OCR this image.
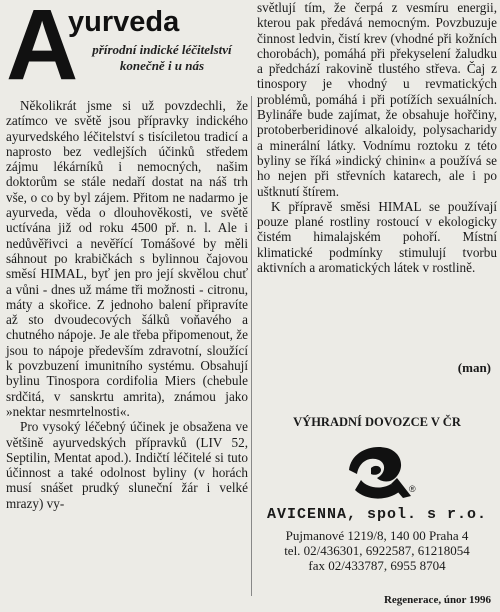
A
yurveda
přírodní indické léčitelství konečně i u nás

Několikrát jsme si už povzdechli, že zatímco ve světě jsou přípravky indického ayurvedského léčitelství s tisíciletou tradicí a naprosto bez vedlejších účinků středem zájmu lékárníků i nemocných, našim doktorům se stále nedaří dostat na náš trh vše, o co by byl zájem. Přitom ne nadarmo je ayurveda, věda o dlouhověkosti, ve světě uctívána již od roku 4500 př. n. l. Ale i nedůvěřivci a nevěřící Tomášové by měli sáhnout po krabičkách s bylinnou čajovou směsí HIMAL, byť jen pro její skvělou chuť a vůni - dnes už máme tři možnosti - citronu, máty a skořice. Z jednoho balení připravíte až sto dvoudecových šálků voňavého a chutného nápoje. Je ale třeba připomenout, že jsou to nápoje především zdravotní, sloužící k povzbuzení imunitního systému. Obsahují bylinu Tinospora cordifolia Miers (chebule srdčitá, v sanskrtu amrita), známou jako »nektar nesmrtelnosti«.

Pro vysoký léčebný účinek je obsažena ve většině ayurvedských přípravků (LIV 52, Septilin, Mentat apod.). Indičtí léčitelé si tuto účinnost a také odolnost byliny (v horách musí snášet prudký sluneční žár i velké mrazy) vy-

světlují tím, že čerpá z vesmíru energii, kterou pak předává nemocným. Povzbuzuje činnost ledvin, čistí krev (vhodné při kožních chorobách), pomáhá při překyselení žaludku a předchází rakovině tlustého střeva. Čaj z tinospory je vhodný u revmatických problémů, pomáhá i při potížích sexuálních. Bylináře bude zajímat, že obsahuje hořčiny, protoberberidinové alkaloidy, polysacharidy a minerální látky. Vodnímu roztoku z této byliny se říká »indický chinin« a používá se ho nejen při střevních katarech, ale i po uštknutí štírem.

K přípravě směsi HIMAL se používají pouze plané rostliny rostoucí v ekologicky čistém himalajském pohoří. Místní klimatické podmínky stimulují tvorbu aktivních a aromatických látek v rostlině.

(man)
VÝHRADNÍ DOVOZCE V ČR
®
AVICENNA, spol. s r.o.
Pujmanové 1219/8, 140 00 Praha 4
tel. 02/436301, 6922587, 61218054
fax 02/433787, 6955 8704
Regenerace, únor 1996
